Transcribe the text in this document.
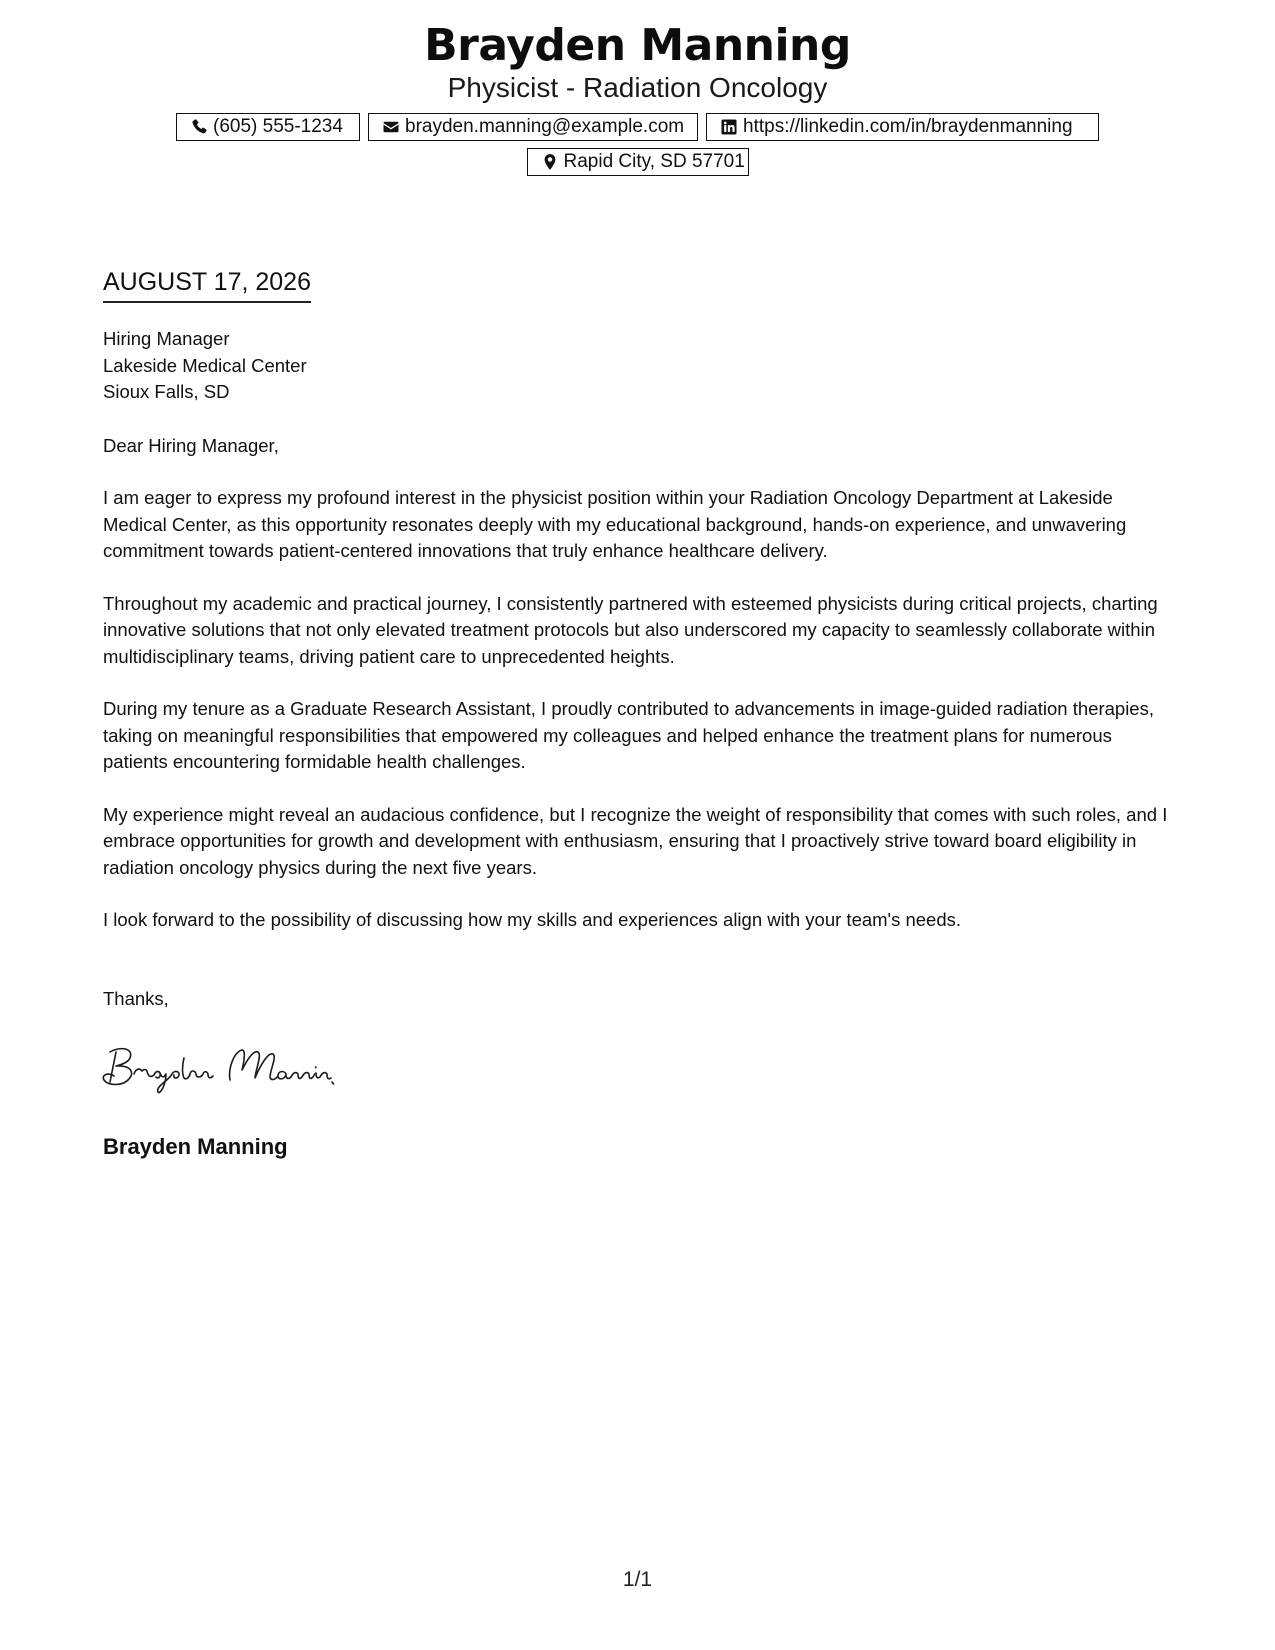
Brayden Manning
Physicist - Radiation Oncology
(605) 555-1234	brayden.manning@example.com	https://linkedin.com/in/braydenmanning
Rapid City, SD 57701
AUGUST 17, 2026
Hiring Manager
Lakeside Medical Center
Sioux Falls, SD
Dear Hiring Manager,

I am eager to express my profound interest in the physicist position within your Radiation Oncology Department at Lakeside Medical Center, as this opportunity resonates deeply with my educational background, hands-on experience, and unwavering commitment towards patient-centered innovations that truly enhance healthcare delivery.

Throughout my academic and practical journey, I consistently partnered with esteemed physicists during critical projects, charting innovative solutions that not only elevated treatment protocols but also underscored my capacity to seamlessly collaborate within multidisciplinary teams, driving patient care to unprecedented heights.

During my tenure as a Graduate Research Assistant, I proudly contributed to advancements in image-guided radiation therapies, taking on meaningful responsibilities that empowered my colleagues and helped enhance the treatment plans for numerous patients encountering formidable health challenges.

My experience might reveal an audacious confidence, but I recognize the weight of responsibility that comes with such roles, and I embrace opportunities for growth and development with enthusiasm, ensuring that I proactively strive toward board eligibility in radiation oncology physics during the next five years.

I look forward to the possibility of discussing how my skills and experiences align with your team's needs.

Thanks,
Brayden Manning
1/1
